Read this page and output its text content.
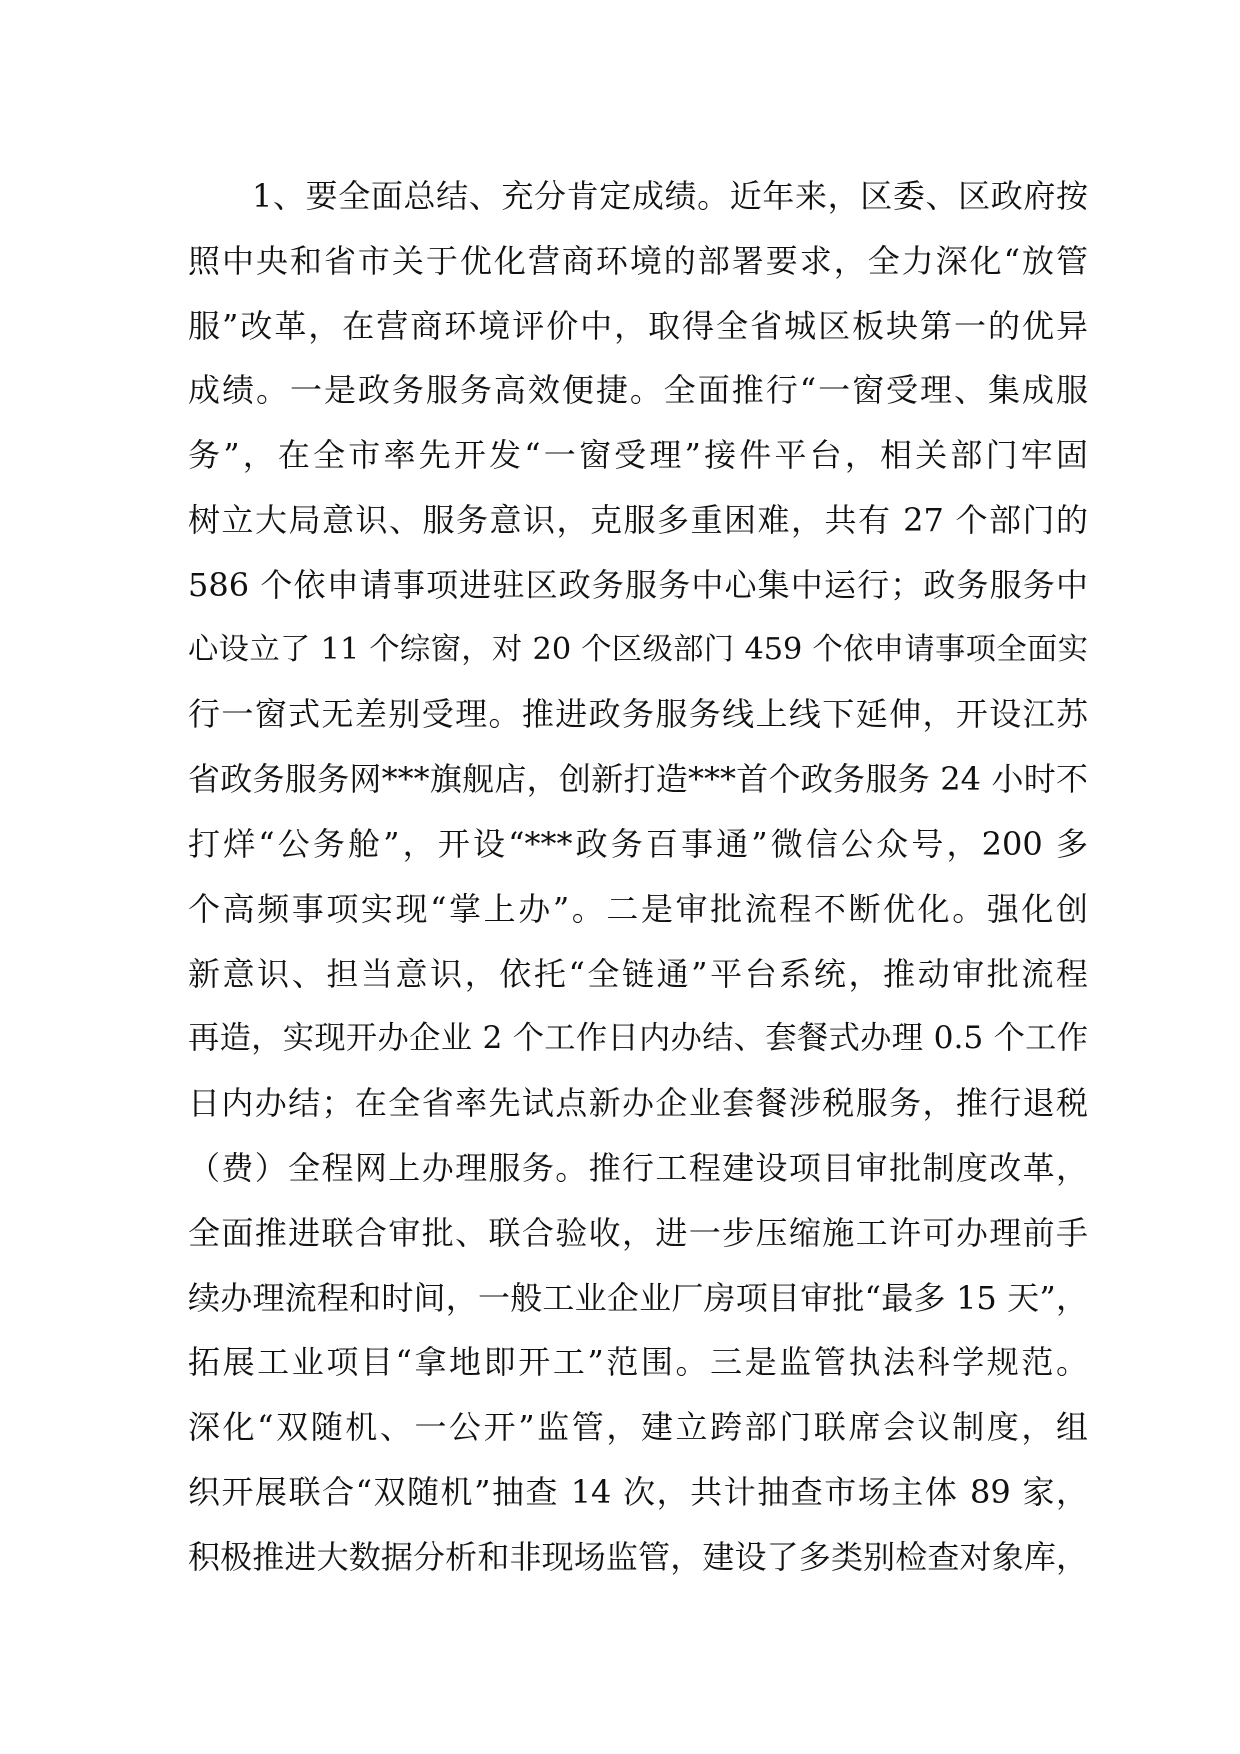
1、要全面总结、充分肯定成绩。近年来，区委、区政府按
照中央和省市关于优化营商环境的部署要求，全力深化“放管
服”改革，在营商环境评价中，取得全省城区板块第一的优异
成绩。一是政务服务高效便捷。全面推行“一窗受理、集成服
务”，在全市率先开发“一窗受理”接件平台，相关部门牢固
树立大局意识、服务意识，克服多重困难，共有 27 个部门的
586 个依申请事项进驻区政务服务中心集中运行；政务服务中
心设立了 11 个综窗，对 20 个区级部门 459 个依申请事项全面实
行一窗式无差别受理。推进政务服务线上线下延伸，开设江苏
省政务服务网***旗舰店，创新打造***首个政务服务 24 小时不
打烊“公务舱”，开设“***政务百事通”微信公众号，200 多
个高频事项实现“掌上办”。二是审批流程不断优化。强化创
新意识、担当意识，依托“全链通”平台系统，推动审批流程
再造，实现开办企业 2 个工作日内办结、套餐式办理 0.5 个工作
日内办结；在全省率先试点新办企业套餐涉税服务，推行退税
（费）全程网上办理服务。推行工程建设项目审批制度改革，
全面推进联合审批、联合验收，进一步压缩施工许可办理前手
续办理流程和时间，一般工业企业厂房项目审批“最多 15 天”，
拓展工业项目“拿地即开工”范围。三是监管执法科学规范。
深化“双随机、一公开”监管，建立跨部门联席会议制度，组
织开展联合“双随机”抽查 14 次，共计抽查市场主体 89 家，
积极推进大数据分析和非现场监管，建设了多类别检查对象库，
